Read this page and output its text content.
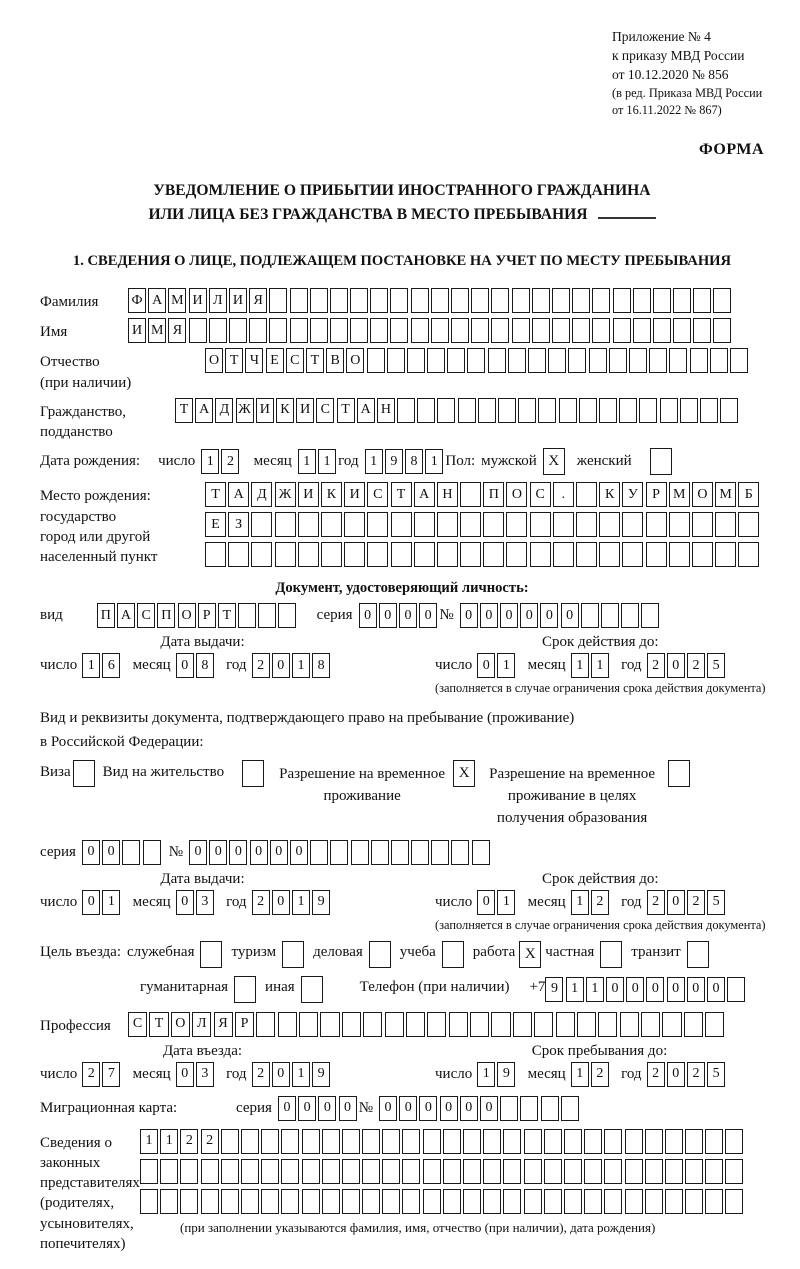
Приложение № 4
к приказу МВД России
от 10.12.2020 № 856
(в ред. Приказа МВД России
от 16.11.2022 № 867)
ФОРМА
УВЕДОМЛЕНИЕ О ПРИБЫТИИ ИНОСТРАННОГО ГРАЖДАНИНА
ИЛИ ЛИЦА БЕЗ ГРАЖДАНСТВА В МЕСТО ПРЕБЫВАНИЯ
1. СВЕДЕНИЯ О ЛИЦЕ, ПОДЛЕЖАЩЕМ ПОСТАНОВКЕ НА УЧЕТ ПО МЕСТУ ПРЕБЫВАНИЯ
Фамилия	Ф А М И Л И Я
Имя	И М Я
Отчество
(при наличии)
О Т Ч Е С Т В О
Гражданство,
подданство
Т А Д Ж И К И С Т А Н
Дата рождения: число 1 2	месяц 1 1 год 1 9 8 1 Пол: мужской X	женский
Место рождения:
государство
город или другой
населенный пункт
Т А Д Ж И К И С	Т А Н	П О С	.	К У	Р М О М Б
Е	З
Документ, удостоверяющий личность:
вид	П А С П О Р Т	серия 0 0 0 0 № 0 0 0 0 0 0
Дата выдачи:
число 1 6	месяц 0 8	год 2 0 1 8
Срок действия до:
число 0 1	месяц 1 1	год 2 0 2 5
(заполняется в случае ограничения срока действия документа)
Вид и реквизиты документа, подтверждающего право на пребывание (проживание)
в Российской Федерации:
Виза Вид на жительство	Разрешение на временное проживание
X	Разрешение на временное проживание в целях получения образования
серия 0 0	№ 0 0 0 0 0 0
Дата выдачи:
число 0 1	месяц 0 3	год 2 0 1 9
Срок действия до:
число 0 1	месяц 1 2	год 2 0 2 5
(заполняется в случае ограничения срока действия документа)
Цель въезда: служебная туризм деловая учеба работа X частная транзит
гуманитарная иная	Телефон (при наличии) +7 9 1 1 0 0 0 0 0 0
Профессия	С Т О Л Я Р
Дата въезда:
число 2 7	месяц 0 3	год 2 0 1 9
Срок пребывания до:
число 1 9	месяц 1 2	год 2 0 2 5
Миграционная карта:	серия 0 0 0 0 № 0 0 0 0 0 0
Сведения о
законных
представителях
(родителях,
усыновителях,
попечителях)
1 1 2 2
(при заполнении указываются фамилия, имя, отчество (при наличии), дата рождения)
